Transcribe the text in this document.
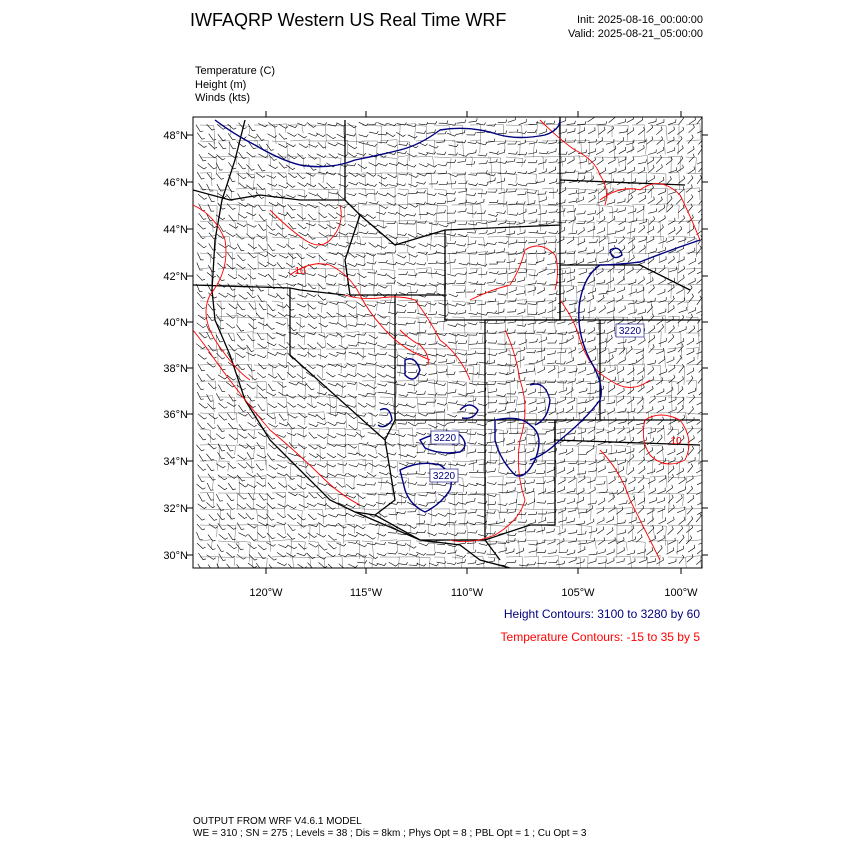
IWFAQRP Western US Real Time WRF	Init: 2025-08-16_00:00:00
Valid: 2025-08-21_05:00:00
Temperature (C)
Height (m)
Winds (kts)
3220
3220
3220
10
10
48°N
46°N
44°N
42°N
40°N
38°N
36°N
34°N
32°N
30°N
120°W	115°W	110°W	105°W	100°W
Height Contours: 3100 to 3280 by 60
Temperature Contours: -15 to 35 by 5
OUTPUT FROM WRF V4.6.1 MODEL
WE = 310 ; SN = 275 ; Levels = 38 ; Dis = 8km ; Phys Opt = 8 ; PBL Opt = 1 ; Cu Opt = 3
